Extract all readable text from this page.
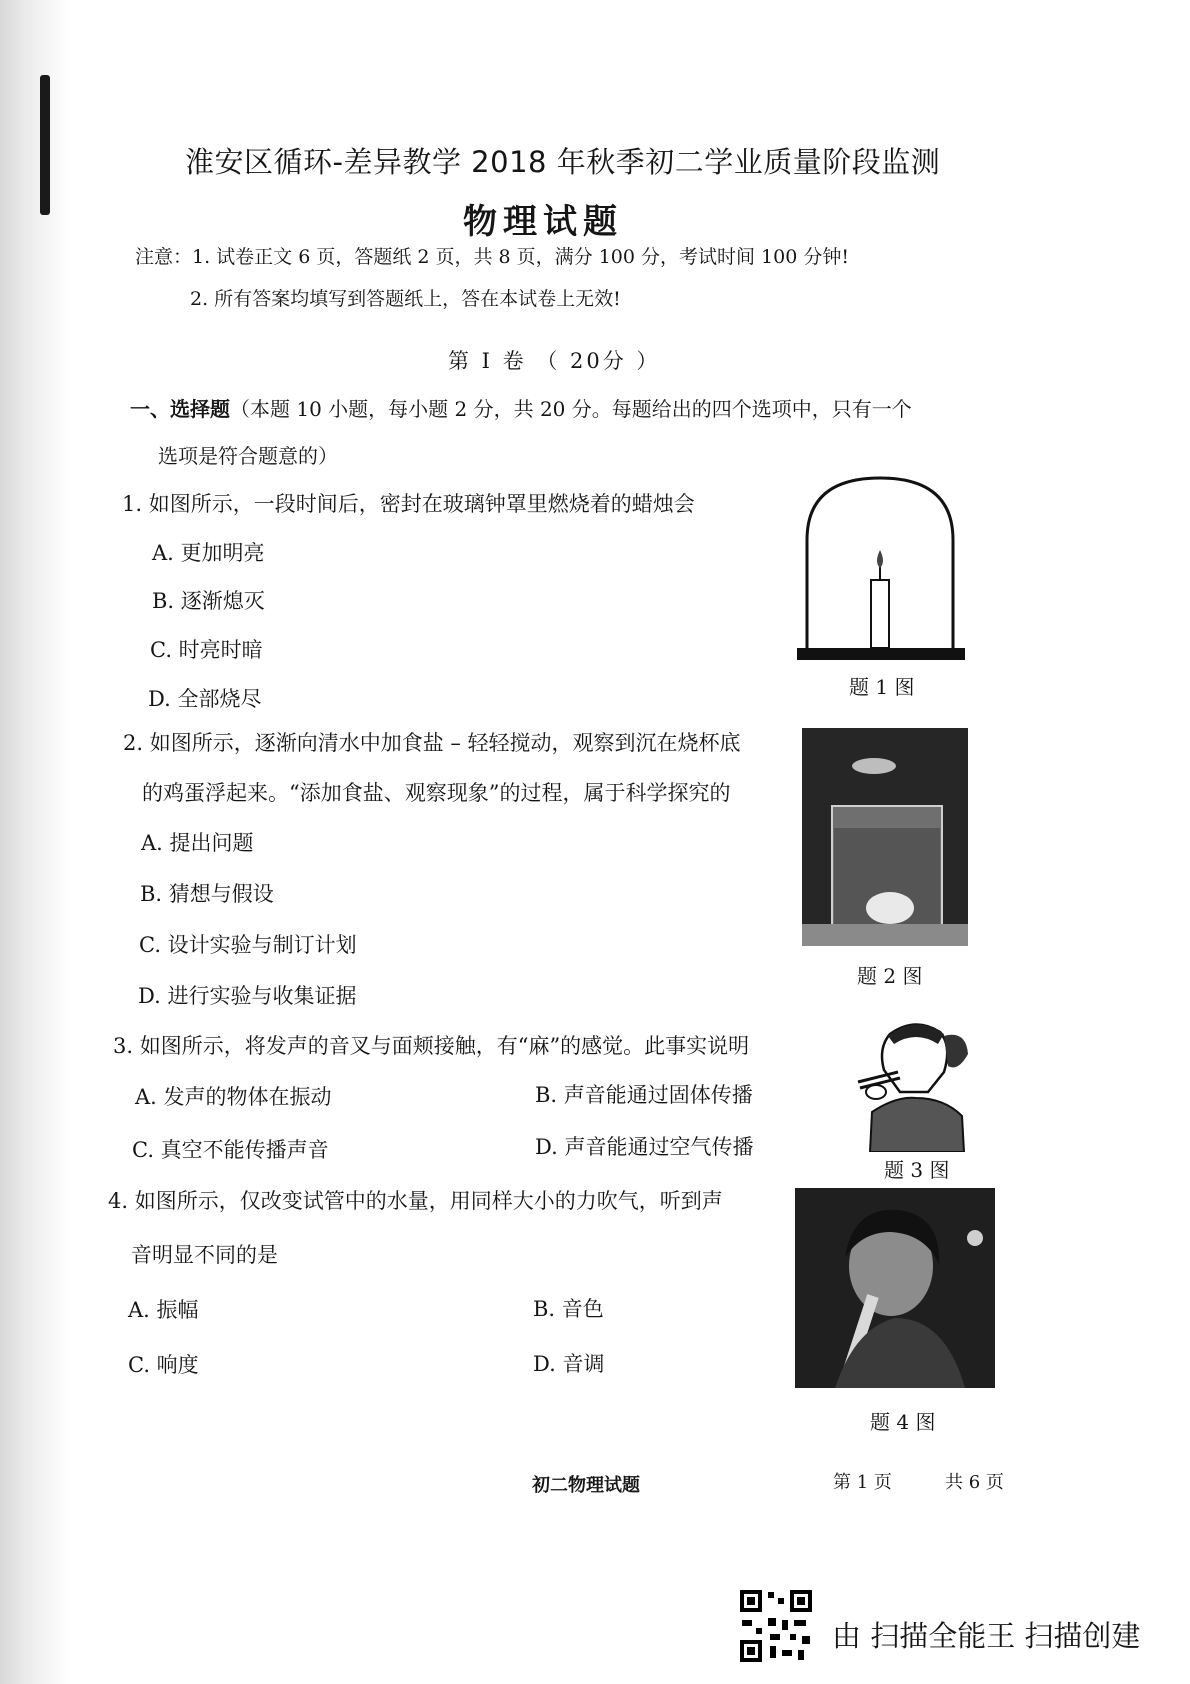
淮安区循环-差异教学 2018 年秋季初二学业质量阶段监测
物理试题
注意：1. 试卷正文 6 页，答题纸 2 页，共 8 页，满分 100 分，考试时间 100 分钟!
2. 所有答案均填写到答题纸上，答在本试卷上无效!
第 Ⅰ 卷 （ 20分 ）
一、选择题（本题 10 小题，每小题 2 分，共 20 分。每题给出的四个选项中，只有一个
选项是符合题意的）
1. 如图所示，一段时间后，密封在玻璃钟罩里燃烧着的蜡烛会
A. 更加明亮
B. 逐渐熄灭
C. 时亮时暗
D. 全部烧尽	题 1 图
2. 如图所示，逐渐向清水中加食盐 – 轻轻搅动，观察到沉在烧杯底
的鸡蛋浮起来。“添加食盐、观察现象”的过程，属于科学探究的
A. 提出问题
B. 猜想与假设
C. 设计实验与制订计划
D. 进行实验与收集证据
题 2 图
3. 如图所示，将发声的音叉与面颊接触，有“麻”的感觉。此事实说明
A. 发声的物体在振动	B. 声音能通过固体传播
C. 真空不能传播声音	D. 声音能通过空气传播
题 3 图
4. 如图所示，仅改变试管中的水量，用同样大小的力吹气，听到声
音明显不同的是
A. 振幅	B. 音色
C. 响度	D. 音调
题 4 图
初二物理试题	第 1 页	共 6 页
由 扫描全能王 扫描创建
